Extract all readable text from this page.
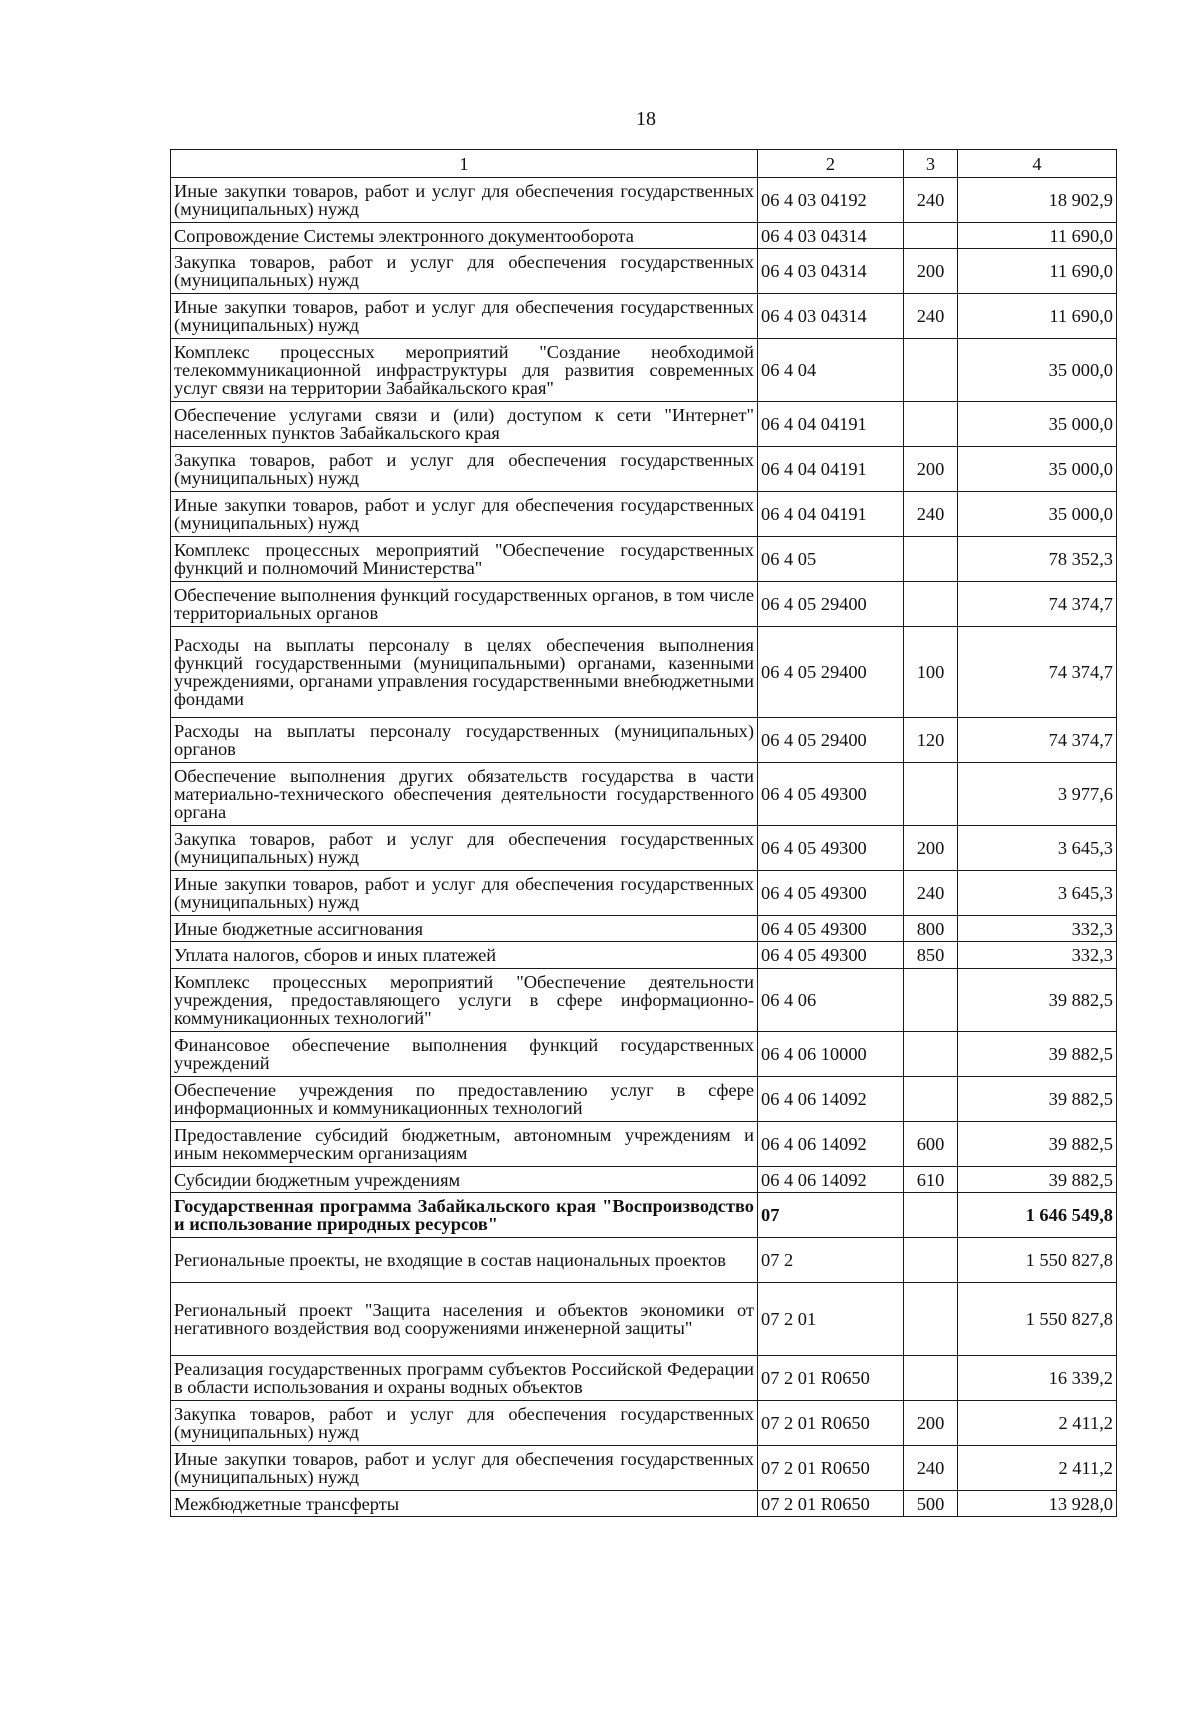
18
1	2	3	4
Иные закупки товаров, работ и услуг для обеспечения государственных (муниципальных) нужд	06 4 03 04192	240	18 902,9
Сопровождение Системы электронного документооборота	06 4 03 04314		11 690,0
Закупка товаров, работ и услуг для обеспечения государственных (муниципальных) нужд	06 4 03 04314	200	11 690,0
Иные закупки товаров, работ и услуг для обеспечения государственных (муниципальных) нужд	06 4 03 04314	240	11 690,0
Комплекс процессных мероприятий "Создание необходимой телекоммуникационной инфраструктуры для развития современных услуг связи на территории Забайкальского края"	06 4 04		35 000,0
Обеспечение услугами связи и (или) доступом к сети "Интернет" населенных пунктов Забайкальского края	06 4 04 04191		35 000,0
Закупка товаров, работ и услуг для обеспечения государственных (муниципальных) нужд	06 4 04 04191	200	35 000,0
Иные закупки товаров, работ и услуг для обеспечения государственных (муниципальных) нужд	06 4 04 04191	240	35 000,0
Комплекс процессных мероприятий "Обеспечение государственных функций и полномочий Министерства"	06 4 05		78 352,3
Обеспечение выполнения функций государственных органов, в том числе территориальных органов	06 4 05 29400		74 374,7
Расходы на выплаты персоналу в целях обеспечения выполнения функций государственными (муниципальными) органами, казенными учреждениями, органами управления государственными внебюджетными фондами	06 4 05 29400	100	74 374,7
Расходы на выплаты персоналу государственных (муниципальных) органов	06 4 05 29400	120	74 374,7
Обеспечение выполнения других обязательств государства в части материально-технического обеспечения деятельности государственного органа	06 4 05 49300		3 977,6
Закупка товаров, работ и услуг для обеспечения государственных (муниципальных) нужд	06 4 05 49300	200	3 645,3
Иные закупки товаров, работ и услуг для обеспечения государственных (муниципальных) нужд	06 4 05 49300	240	3 645,3
Иные бюджетные ассигнования	06 4 05 49300	800	332,3
Уплата налогов, сборов и иных платежей	06 4 05 49300	850	332,3
Комплекс процессных мероприятий "Обеспечение деятельности учреждения, предоставляющего услуги в сфере информационно-коммуникационных технологий"	06 4 06		39 882,5
Финансовое обеспечение выполнения функций государственных учреждений	06 4 06 10000		39 882,5
Обеспечение учреждения по предоставлению услуг в сфере информационных и коммуникационных технологий	06 4 06 14092		39 882,5
Предоставление субсидий бюджетным, автономным учреждениям и иным некоммерческим организациям	06 4 06 14092	600	39 882,5
Субсидии бюджетным учреждениям	06 4 06 14092	610	39 882,5
Государственная программа Забайкальского края "Воспроизводство и использование природных ресурсов"	07		1 646 549,8
Региональные проекты, не входящие в состав национальных проектов	07 2		1 550 827,8
Региональный проект "Защита населения и объектов экономики от негативного воздействия вод сооружениями инженерной защиты"	07 2 01		1 550 827,8
Реализация государственных программ субъектов Российской Федерации в области использования и охраны водных объектов	07 2 01 R0650		16 339,2
Закупка товаров, работ и услуг для обеспечения государственных (муниципальных) нужд	07 2 01 R0650	200	2 411,2
Иные закупки товаров, работ и услуг для обеспечения государственных (муниципальных) нужд	07 2 01 R0650	240	2 411,2
Межбюджетные трансферты	07 2 01 R0650	500	13 928,0
